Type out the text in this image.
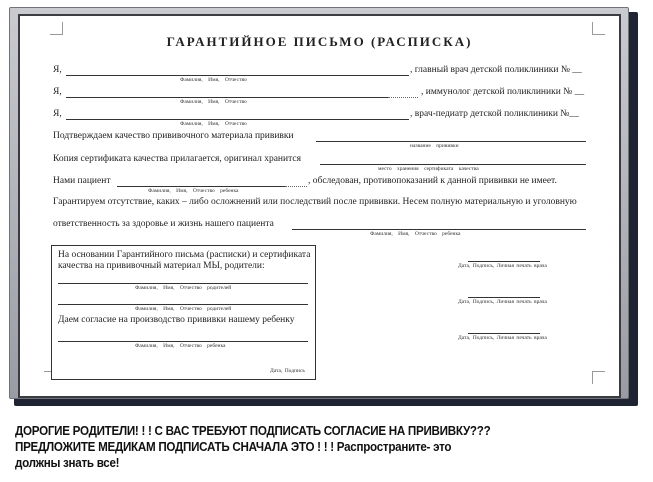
ГАРАНТИЙНОЕ ПИСЬМО (РАСПИСКА)
Я,	, главный врач детской поликлиники № __
Фамилия, Имя, Отчество
Я,	, иммунолог детской поликлиники № __
Фамилия, Имя, Отчество
Я,	, врач-педиатр детской поликлиники №__
Фамилия, Имя, Отчество
Подтверждаем качество прививочного материала прививки
название прививки
Копия сертификата качества прилагается, оригинал хранится
место хранения сертификата качества
Нами пациент	, обследован, противопоказаний к данной прививки не имеет.
Фамилия, Имя, Отчество ребенка
Гарантируем отсутствие, каких – либо осложнений или последствий после прививки. Несем полную материальную и уголовную
ответственность за здоровье и жизнь нашего пациента
Фамилия, Имя, Отчество ребенка
Дата, Подпись, Личная печать врача
Дата, Подпись, Личная печать врача
Дата, Подпись, Личная печать врача
На основании Гарантийного письма (расписки) и сертификата качества на прививочный материал МЫ, родители:
Фамилия, Имя, Отчество родителей
Фамилия, Имя, Отчество родителей
Даем согласие на производство прививки нашему ребенку
Фамилия, Имя, Отчество ребенка
Дата, Подпись
ДОРОГИЕ РОДИТЕЛИ! ! ! С ВАС ТРЕБУЮТ ПОДПИСАТЬ СОГЛАСИЕ НА ПРИВИВКУ???
ПРЕДЛОЖИТЕ МЕДИКАМ ПОДПИСАТЬ СНАЧАЛА ЭТО ! ! ! Распространите- это
должны знать все!
